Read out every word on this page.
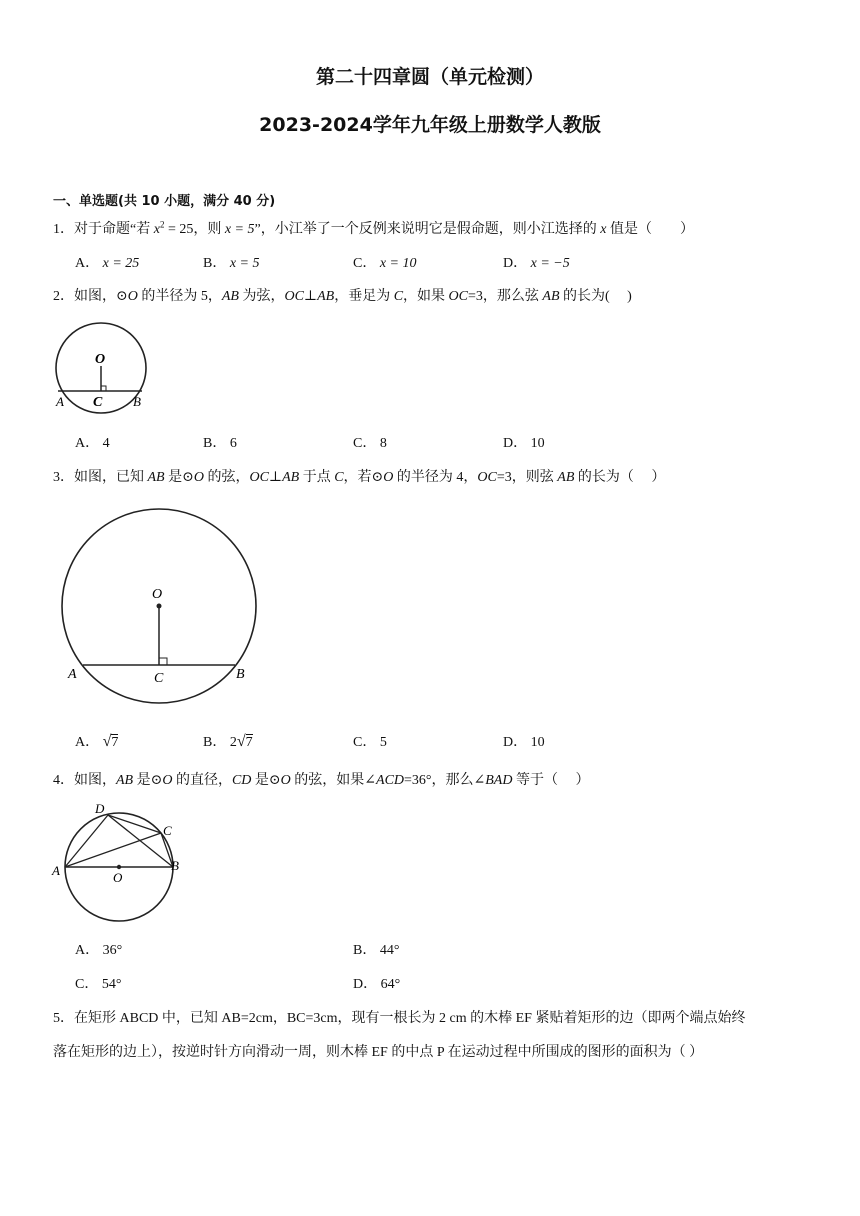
第二十四章圆（单元检测）
2023-2024学年九年级上册数学人教版
一、单选题(共 10 小题，满分 40 分)
1．对于命题“若 $x^2 = 25$，则 x = 5”，小江举了一个反例来说明它是假命题，则小江选择的 x 值是（　　）
A． x = 25	B． x = 5	C． x = 10	D． x = −5
2．如图，⊙O 的半径为 5，AB 为弦，OC⊥AB，垂足为 C，如果 OC=3，那么弦 AB 的长为(　 )
O
A C B
A． 4	B． 6	C． 8	D． 10
3．如图，已知 AB 是⊙O 的弦，OC⊥AB 于点 C，若⊙O 的半径为 4，OC=3，则弦 AB 的长为（　 ）
O
A	C	B
A． √7	B． 2√7	C． 5	D． 10
4．如图，AB 是⊙O 的直径，CD 是⊙O 的弦，如果∠ACD=36°，那么∠BAD 等于（　 ）
D
C
A	O
B
A． 36°	B． 44°
C． 54°	D． 64°
5．在矩形 ABCD 中，已知 AB=2cm，BC=3cm，现有一根长为 2 cm 的木棒 EF 紧贴着矩形的边（即两个端点始终
落在矩形的边上），按逆时针方向滑动一周，则木棒 EF 的中点 P 在运动过程中所围成的图形的面积为（ ）
